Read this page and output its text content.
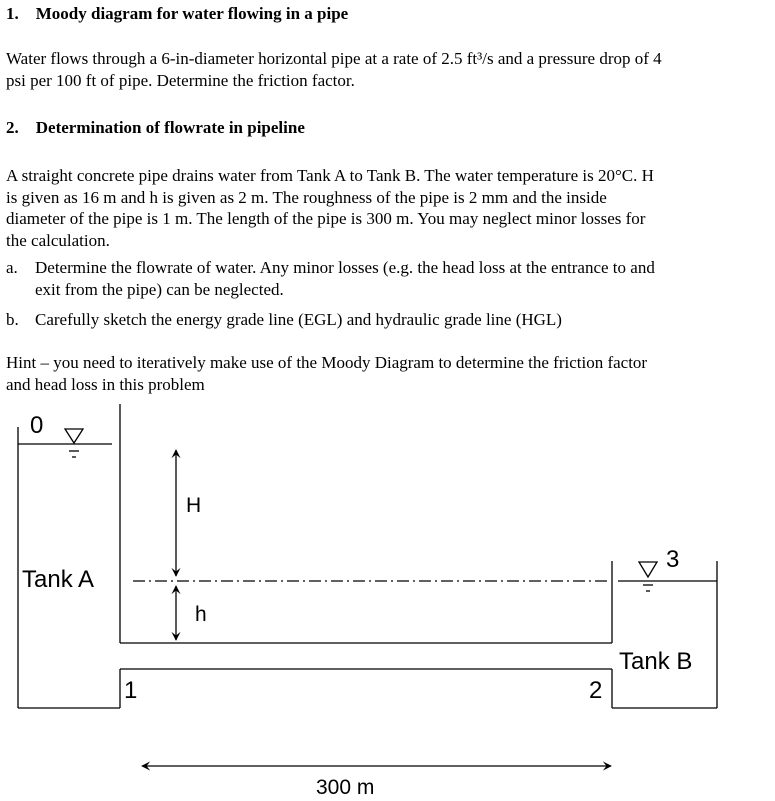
1. Moody diagram for water flowing in a pipe
Water flows through a 6-in-diameter horizontal pipe at a rate of 2.5 ft³/s and a pressure drop of 4
psi per 100 ft of pipe. Determine the friction factor.
2. Determination of flowrate in pipeline
A straight concrete pipe drains water from Tank A to Tank B. The water temperature is 20°C. H
is given as 16 m and h is given as 2 m. The roughness of the pipe is 2 mm and the inside
diameter of the pipe is 1 m. The length of the pipe is 300 m. You may neglect minor losses for
the calculation.
a. Determine the flowrate of water. Any minor losses (e.g. the head loss at the entrance to and
exit from the pipe) can be neglected.
b. Carefully sketch the energy grade line (EGL) and hydraulic grade line (HGL)
Hint – you need to iteratively make use of the Moody Diagram to determine the friction factor
and head loss in this problem
0
H
Tank A
h
3
Tank B
1	2
300 m
